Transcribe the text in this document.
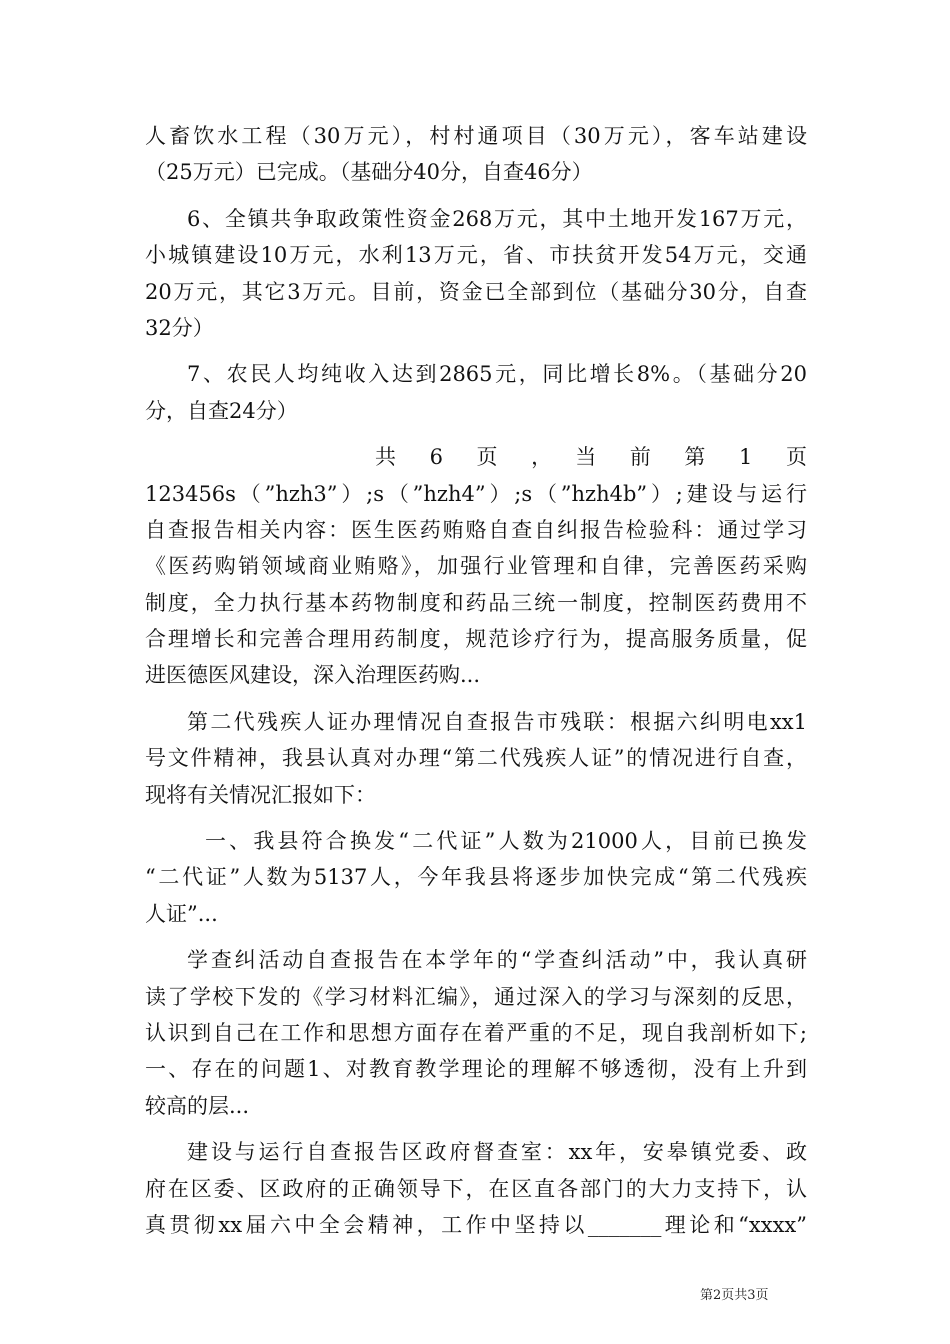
人畜饮水工程（30万元），村村通项目（30万元），客车站建设
（25万元）已完成。（基础分40分，自查46分）
6、全镇共争取政策性资金268万元，其中土地开发167万元，
小城镇建设10万元，水利13万元，省、市扶贫开发54万元，交通
20万元，其它3万元。目前，资金已全部到位（基础分30分，自查
32分）
7、农民人均纯收入达到2865元，同比增长8%。（基础分20
分，自查24分）
共　6　页　，　当　前　第　1　页
123456s（”hzh3”）;s（”hzh4”）;s（”hzh4b”）;建设与运行
自查报告相关内容：医生医药贿赂自查自纠报告检验科：通过学习
《医药购销领域商业贿赂》，加强行业管理和自律，完善医药采购
制度，全力执行基本药物制度和药品三统一制度，控制医药费用不
合理增长和完善合理用药制度，规范诊疗行为，提高服务质量，促
进医德医风建设，深入治理医药购...
第二代残疾人证办理情况自查报告市残联：根据六纠明电xx1
号文件精神，我县认真对办理“第二代残疾人证”的情况进行自查，
现将有关情况汇报如下：
一、我县符合换发“二代证”人数为21000人，目前已换发
“二代证”人数为5137人，今年我县将逐步加快完成“第二代残疾
人证”...
学查纠活动自查报告在本学年的“学查纠活动”中，我认真研
读了学校下发的《学习材料汇编》，通过深入的学习与深刻的反思，
认识到自己在工作和思想方面存在着严重的不足，现自我剖析如下;
一、存在的问题1、对教育教学理论的理解不够透彻，没有上升到
较高的层...
建设与运行自查报告区政府督查室：xx年，安皋镇党委、政
府在区委、区政府的正确领导下，在区直各部门的大力支持下，认
真贯彻xx届六中全会精神，工作中坚持以_______理论和“xxxx”
第2页共3页
